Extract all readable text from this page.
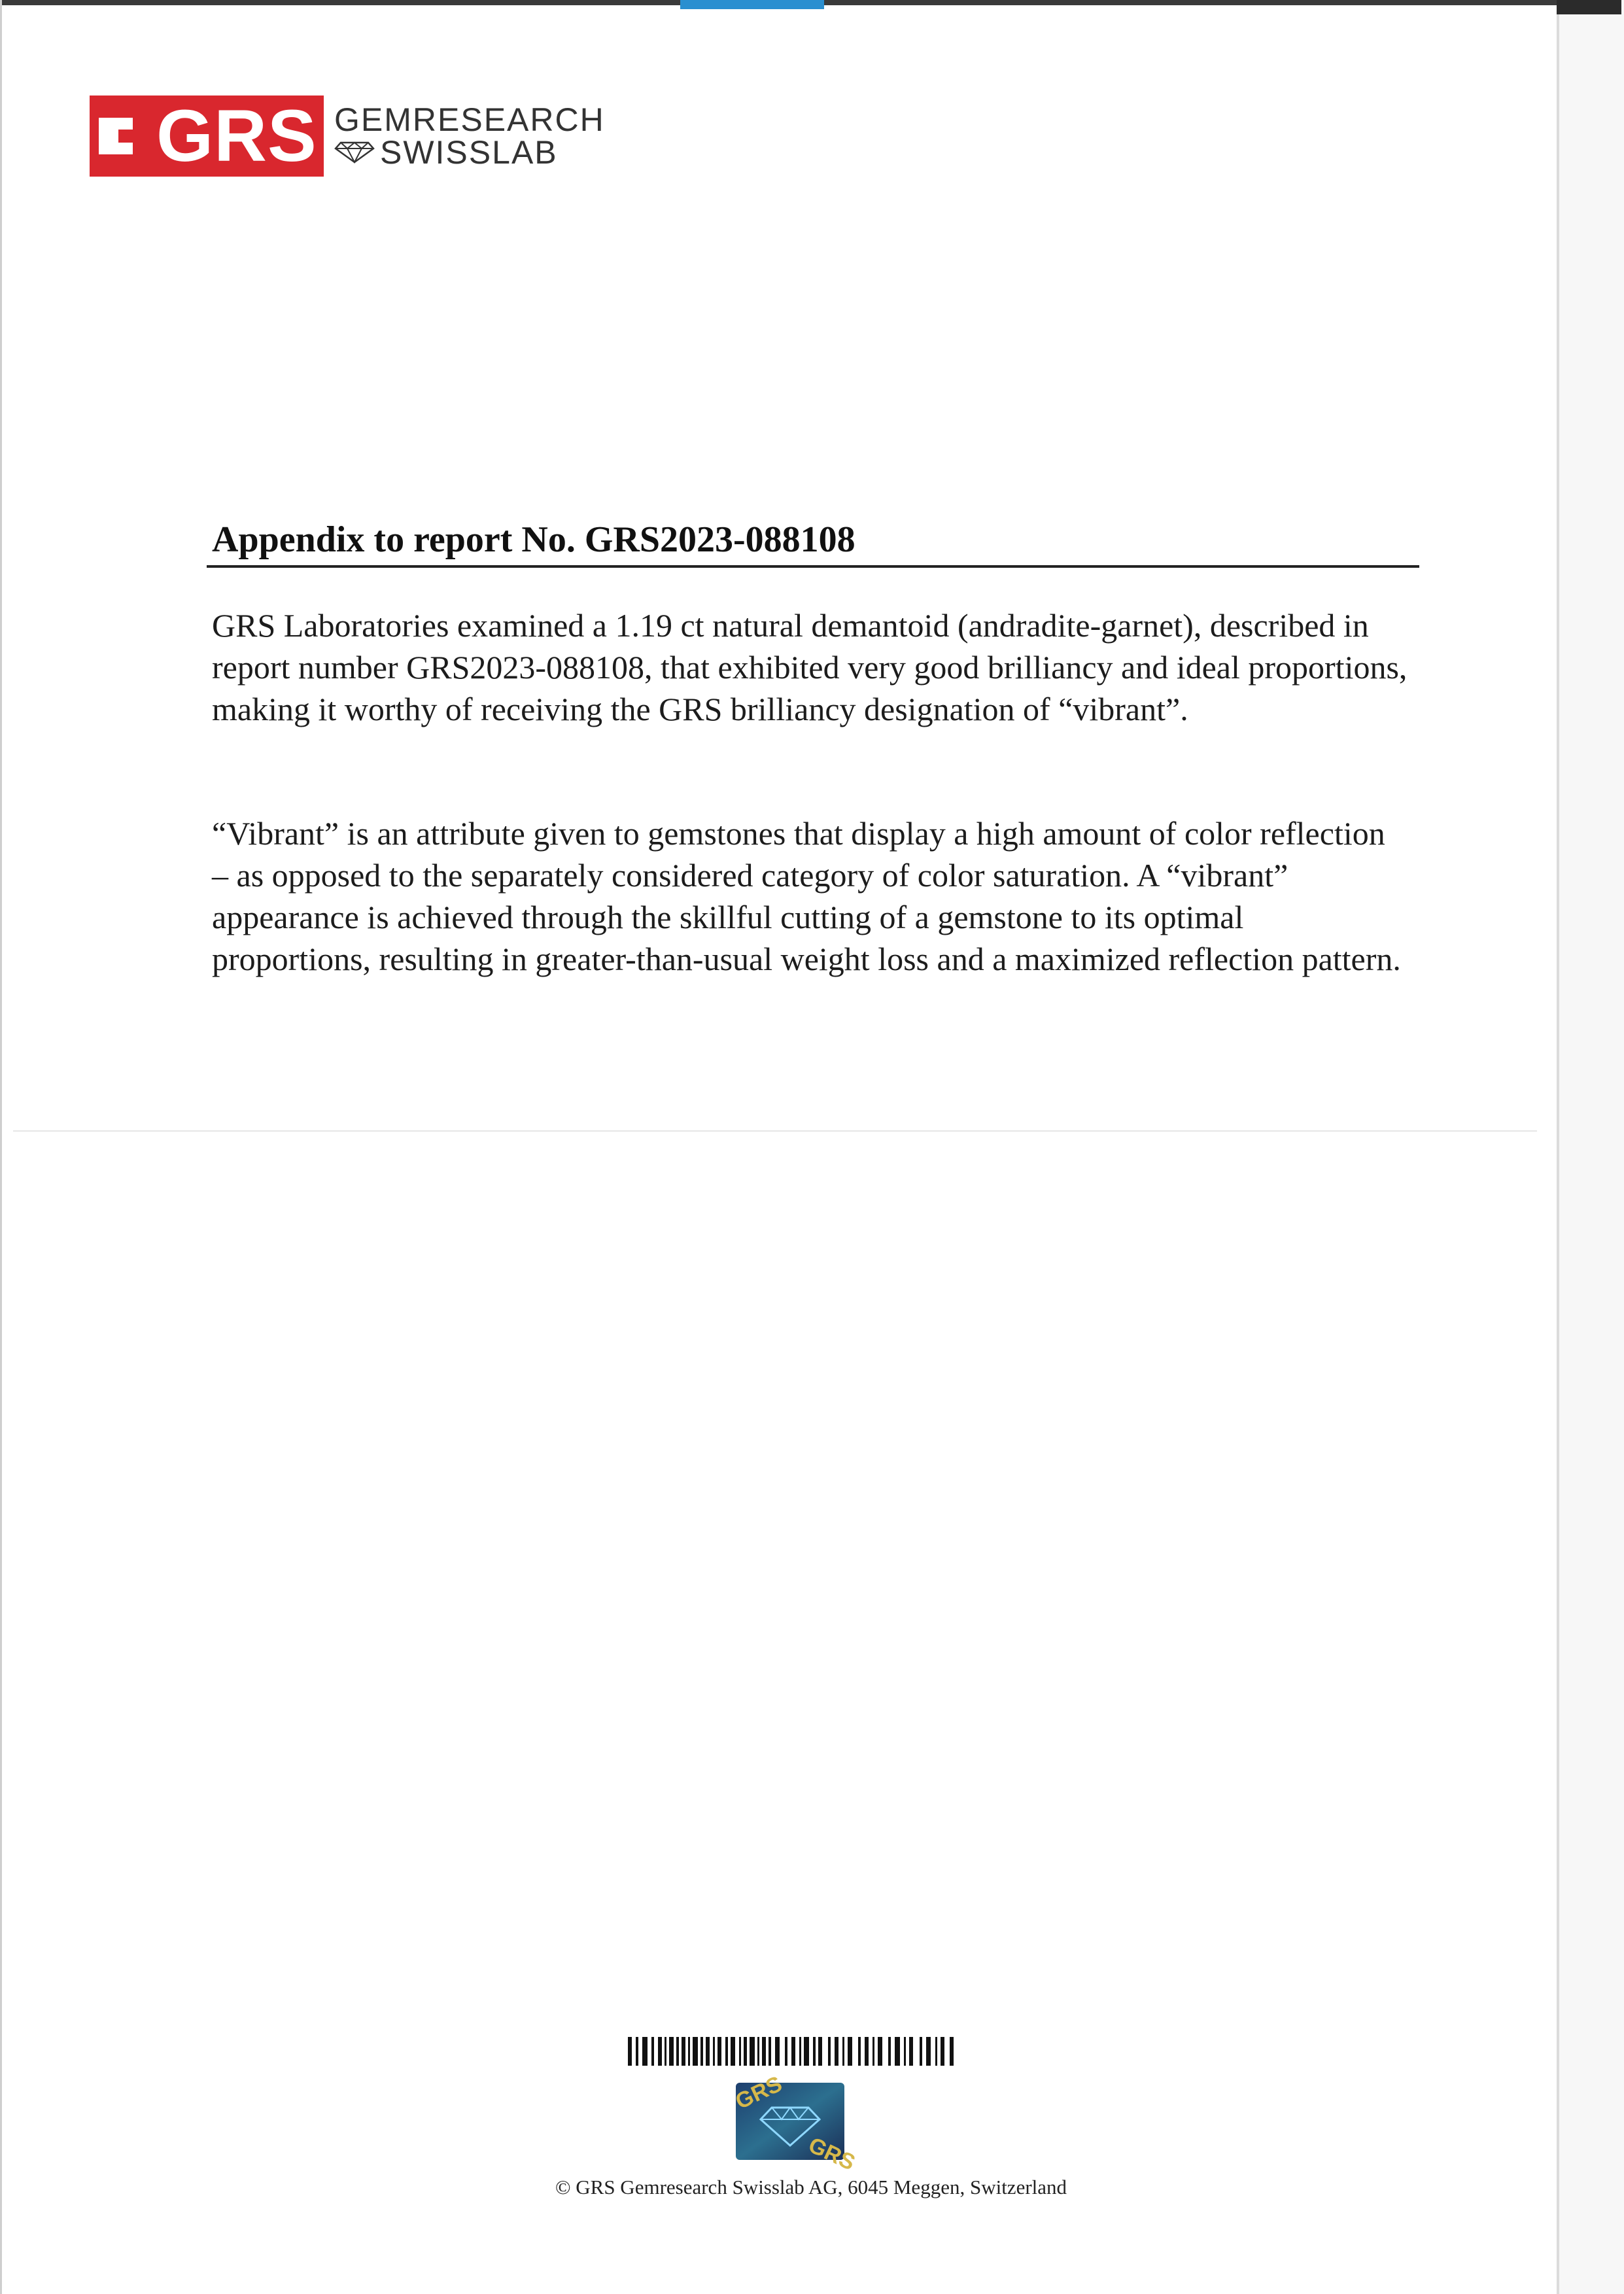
GRS GEMRESEARCH
SWISSLAB
Appendix to report No. GRS2023-088108
GRS Laboratories examined a 1.19 ct natural demantoid (andradite-garnet), described in report number GRS2023-088108, that exhibited very good brilliancy and ideal proportions, making it worthy of receiving the GRS brilliancy designation of “vibrant”.
“Vibrant” is an attribute given to gemstones that display a high amount of color reflection – as opposed to the separately considered category of color saturation. A “vibrant” appearance is achieved through the skillful cutting of a gemstone to its optimal proportions, resulting in greater-than-usual weight loss and a maximized reflection pattern.
GRS
GRS
© GRS Gemresearch Swisslab AG, 6045 Meggen, Switzerland
